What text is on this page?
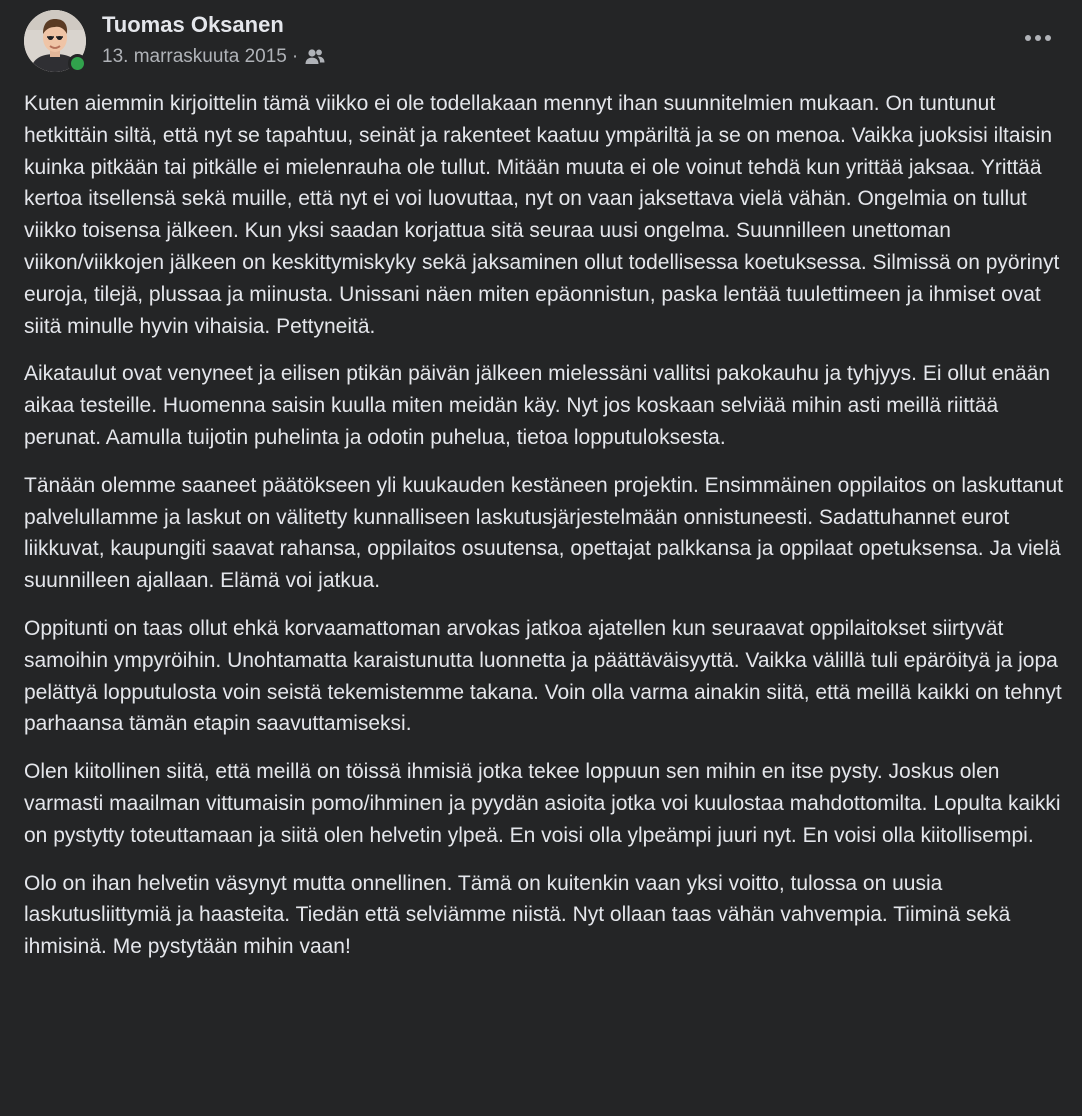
Tuomas Oksanen
13. marraskuuta 2015 ·

Kuten aiemmin kirjoittelin tämä viikko ei ole todellakaan mennyt ihan suunnitelmien mukaan. On tuntunut hetkittäin siltä, että nyt se tapahtuu, seinät ja rakenteet kaatuu ympäriltä ja se on menoa. Vaikka juoksisi iltaisin kuinka pitkään tai pitkälle ei mielenrauha ole tullut. Mitään muuta ei ole voinut tehdä kun yrittää jaksaa. Yrittää kertoa itsellensä sekä muille, että nyt ei voi luovuttaa, nyt on vaan jaksettava vielä vähän. Ongelmia on tullut viikko toisensa jälkeen. Kun yksi saadan korjattua sitä seuraa uusi ongelma. Suunnilleen unettoman viikon/viikkojen jälkeen on keskittymiskyky sekä jaksaminen ollut todellisessa koetuksessa. Silmissä on pyörinyt euroja, tilejä, plussaa ja miinusta. Unissani näen miten epäonnistun, paska lentää tuulettimeen ja ihmiset ovat siitä minulle hyvin vihaisia. Pettyneitä.

Aikataulut ovat venyneet ja eilisen ptikän päivän jälkeen mielessäni vallitsi pakokauhu ja tyhjyys. Ei ollut enään aikaa testeille. Huomenna saisin kuulla miten meidän käy. Nyt jos koskaan selviää mihin asti meillä riittää perunat. Aamulla tuijotin puhelinta ja odotin puhelua, tietoa lopputuloksesta.

Tänään olemme saaneet päätökseen yli kuukauden kestäneen projektin. Ensimmäinen oppilaitos on laskuttanut palvelullamme ja laskut on välitetty kunnalliseen laskutusjärjestelmään onnistuneesti. Sadattuhannet eurot liikkuvat, kaupungiti saavat rahansa, oppilaitos osuutensa, opettajat palkkansa ja oppilaat opetuksensa. Ja vielä suunnilleen ajallaan. Elämä voi jatkua.

Oppitunti on taas ollut ehkä korvaamattoman arvokas jatkoa ajatellen kun seuraavat oppilaitokset siirtyvät samoihin ympyröihin. Unohtamatta karaistunutta luonnetta ja päättäväisyyttä. Vaikka välillä tuli epäröityä ja jopa pelättyä lopputulosta voin seistä tekemistemme takana. Voin olla varma ainakin siitä, että meillä kaikki on tehnyt parhaansa tämän etapin saavuttamiseksi.

Olen kiitollinen siitä, että meillä on töissä ihmisiä jotka tekee loppuun sen mihin en itse pysty. Joskus olen varmasti maailman vittumaisin pomo/ihminen ja pyydän asioita jotka voi kuulostaa mahdottomilta. Lopulta kaikki on pystytty toteuttamaan ja siitä olen helvetin ylpeä. En voisi olla ylpeämpi juuri nyt. En voisi olla kiitollisempi.

Olo on ihan helvetin väsynyt mutta onnellinen. Tämä on kuitenkin vaan yksi voitto, tulossa on uusia laskutusliittymiä ja haasteita. Tiedän että selviämme niistä. Nyt ollaan taas vähän vahvempia. Tiiminä sekä ihmisinä. Me pystytään mihin vaan!
